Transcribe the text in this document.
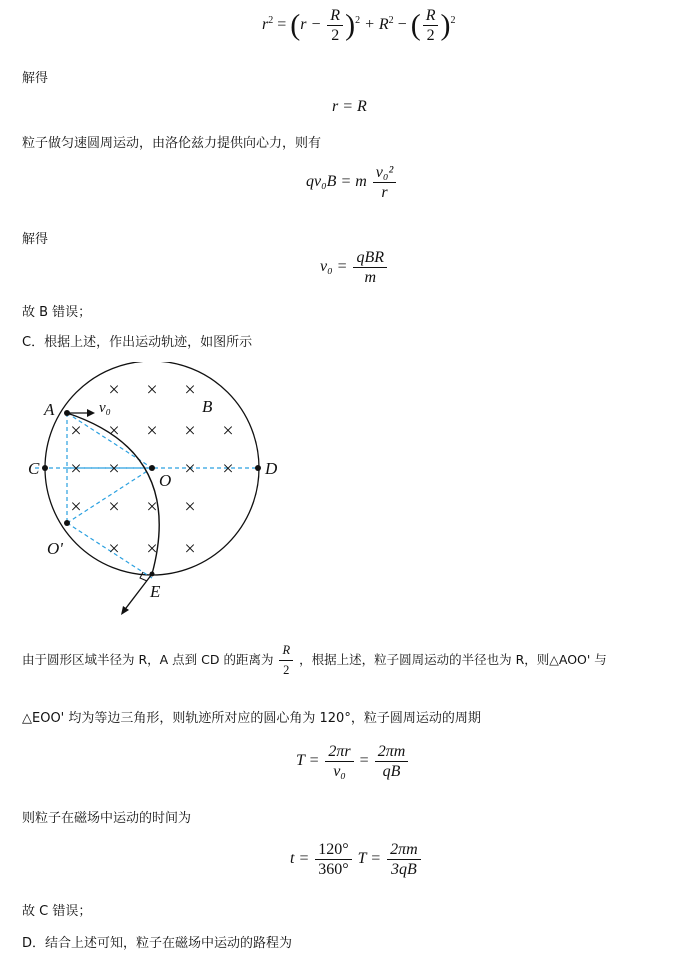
$r^2 = (r - \frac{R}{2} )^2 + R^2$ − ( $\frac{R}{2} )^2$
解得
r = R
粒子做匀速圆周运动，由洛伦兹力提供向心力，则有
qv₀B = m $\frac{\text{v₀²}}{r}$
解得
$v_0 = \frac{\text{qBR}}{m}$
故 B 错误；
C．根据上述，作出运动轨迹，如图所示
× × ×
× × × × ×
× ×	× ×
× × × ×
× × ×
A	v₀	B
C	D
O
O'
E
由于圆形区域半径为 R，A 点到 CD 的距离为 $\frac{R}{2}$ ，根据上述，粒子圆周运动的半径也为 R，则△AOO' 与
△EOO' 均为等边三角形，则轨迹所对应的圆心角为 120°，粒子圆周运动的周期
$T = \frac{2\pi r}{\text{v₀}} = \frac{2\pi m}{qB}$
则粒子在磁场中运动的时间为
$t = \frac{120^\circ}{360^\circ}$ $T = \frac{2\pi m}{3qB}$
故 C 错误；
D．结合上述可知，粒子在磁场中运动的路程为
